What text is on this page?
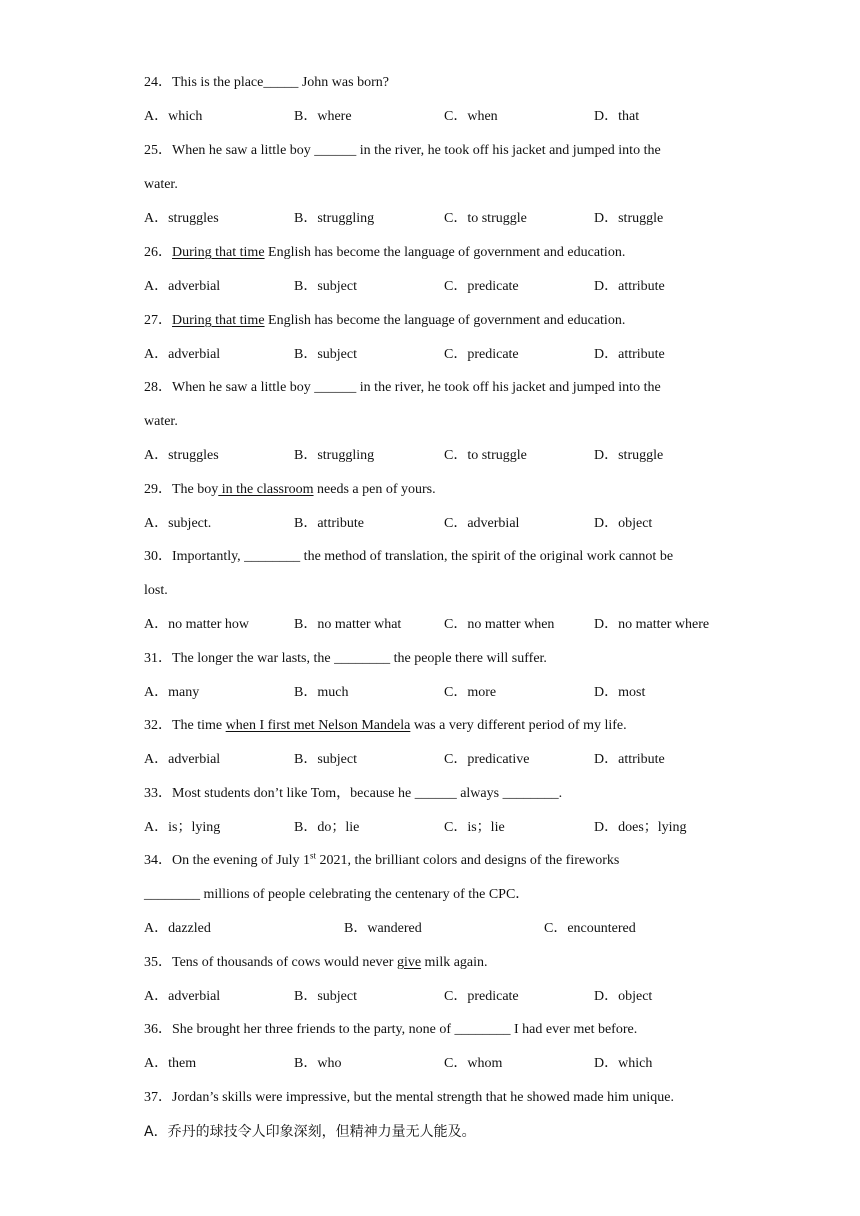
24．This is the place_____ John was born?
A．which	B．where	C．when	D．that
25．When he saw a little boy ______ in the river, he took off his jacket and jumped into the
water.
A．struggles	B．struggling	C．to struggle	D．struggle
26．During that time English has become the language of government and education.
A．adverbial	B．subject	C．predicate	D．attribute
27．During that time English has become the language of government and education.
A．adverbial	B．subject	C．predicate	D．attribute
28．When he saw a little boy ______ in the river, he took off his jacket and jumped into the
water.
A．struggles	B．struggling	C．to struggle	D．struggle
29．The boy in the classroom needs a pen of yours.
A．subject.	B．attribute	C．adverbial	D．object
30．Importantly, ________ the method of translation, the spirit of the original work cannot be
lost.
A．no matter how	B．no matter what	C．no matter when	D．no matter where
31．The longer the war lasts, the ________ the people there will suffer.
A．many	B．much	C．more	D．most
32．The time when I first met Nelson Mandela was a very different period of my life.
A．adverbial	B．subject	C．predicative	D．attribute
33．Most students don’t like Tom，because he ______ always ________.
A．is；lying	B．do；lie	C．is；lie	D．does；lying
34．On the evening of July 1st 2021, the brilliant colors and designs of the fireworks
________ millions of people celebrating the centenary of the CPC．
A．dazzled	B．wandered	C．encountered
35．Tens of thousands of cows would never give milk again.
A．adverbial	B．subject	C．predicate	D．object
36．She brought her three friends to the party, none of ________ I had ever met before.
A．them	B．who	C．whom	D．which
37．Jordan’s skills were impressive, but the mental strength that he showed made him unique.
A．乔丹的球技令人印象深刻，但精神力量无人能及。
